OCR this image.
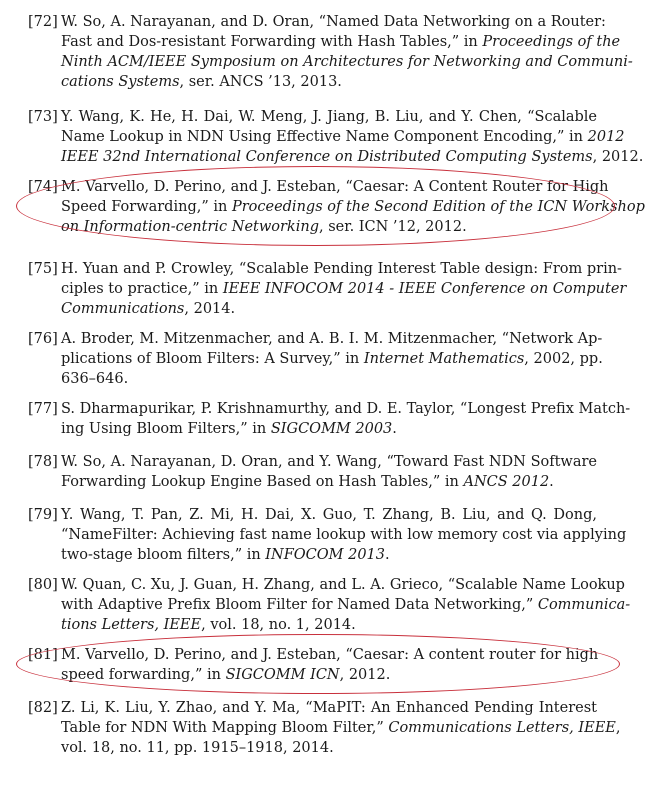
[72] W. So, A. Narayanan, and D. Oran, “Named Data Networking on a Router:
Fast and Dos-resistant Forwarding with Hash Tables,” in Proceedings of the
Ninth ACM/IEEE Symposium on Architectures for Networking and Communi-
cations Systems, ser. ANCS ’13, 2013.
[73] Y. Wang, K. He, H. Dai, W. Meng, J. Jiang, B. Liu, and Y. Chen, “Scalable
Name Lookup in NDN Using Effective Name Component Encoding,” in 2012
IEEE 32nd International Conference on Distributed Computing Systems, 2012.
[74] M. Varvello, D. Perino, and J. Esteban, “Caesar: A Content Router for High
Speed Forwarding,” in Proceedings of the Second Edition of the ICN Workshop
on Information-centric Networking, ser. ICN ’12, 2012.
[75] H. Yuan and P. Crowley, “Scalable Pending Interest Table design: From prin-
ciples to practice,” in IEEE INFOCOM 2014 - IEEE Conference on Computer
Communications, 2014.
[76] A. Broder, M. Mitzenmacher, and A. B. I. M. Mitzenmacher, “Network Ap-
plications of Bloom Filters: A Survey,” in Internet Mathematics, 2002, pp.
636–646.
[77] S. Dharmapurikar, P. Krishnamurthy, and D. E. Taylor, “Longest Prefix Match-
ing Using Bloom Filters,” in SIGCOMM 2003.
[78] W. So, A. Narayanan, D. Oran, and Y. Wang, “Toward Fast NDN Software
Forwarding Lookup Engine Based on Hash Tables,” in ANCS 2012.
[79] Y. Wang, T. Pan, Z. Mi, H. Dai, X. Guo, T. Zhang, B. Liu, and Q. Dong,
“NameFilter: Achieving fast name lookup with low memory cost via applying
two-stage bloom filters,” in INFOCOM 2013.
[80] W. Quan, C. Xu, J. Guan, H. Zhang, and L. A. Grieco, “Scalable Name Lookup
with Adaptive Prefix Bloom Filter for Named Data Networking,” Communica-
tions Letters, IEEE, vol. 18, no. 1, 2014.
[81] M. Varvello, D. Perino, and J. Esteban, “Caesar: A content router for high
speed forwarding,” in SIGCOMM ICN, 2012.
[82] Z. Li, K. Liu, Y. Zhao, and Y. Ma, “MaPIT: An Enhanced Pending Interest
Table for NDN With Mapping Bloom Filter,” Communications Letters, IEEE,
vol. 18, no. 11, pp. 1915–1918, 2014.
